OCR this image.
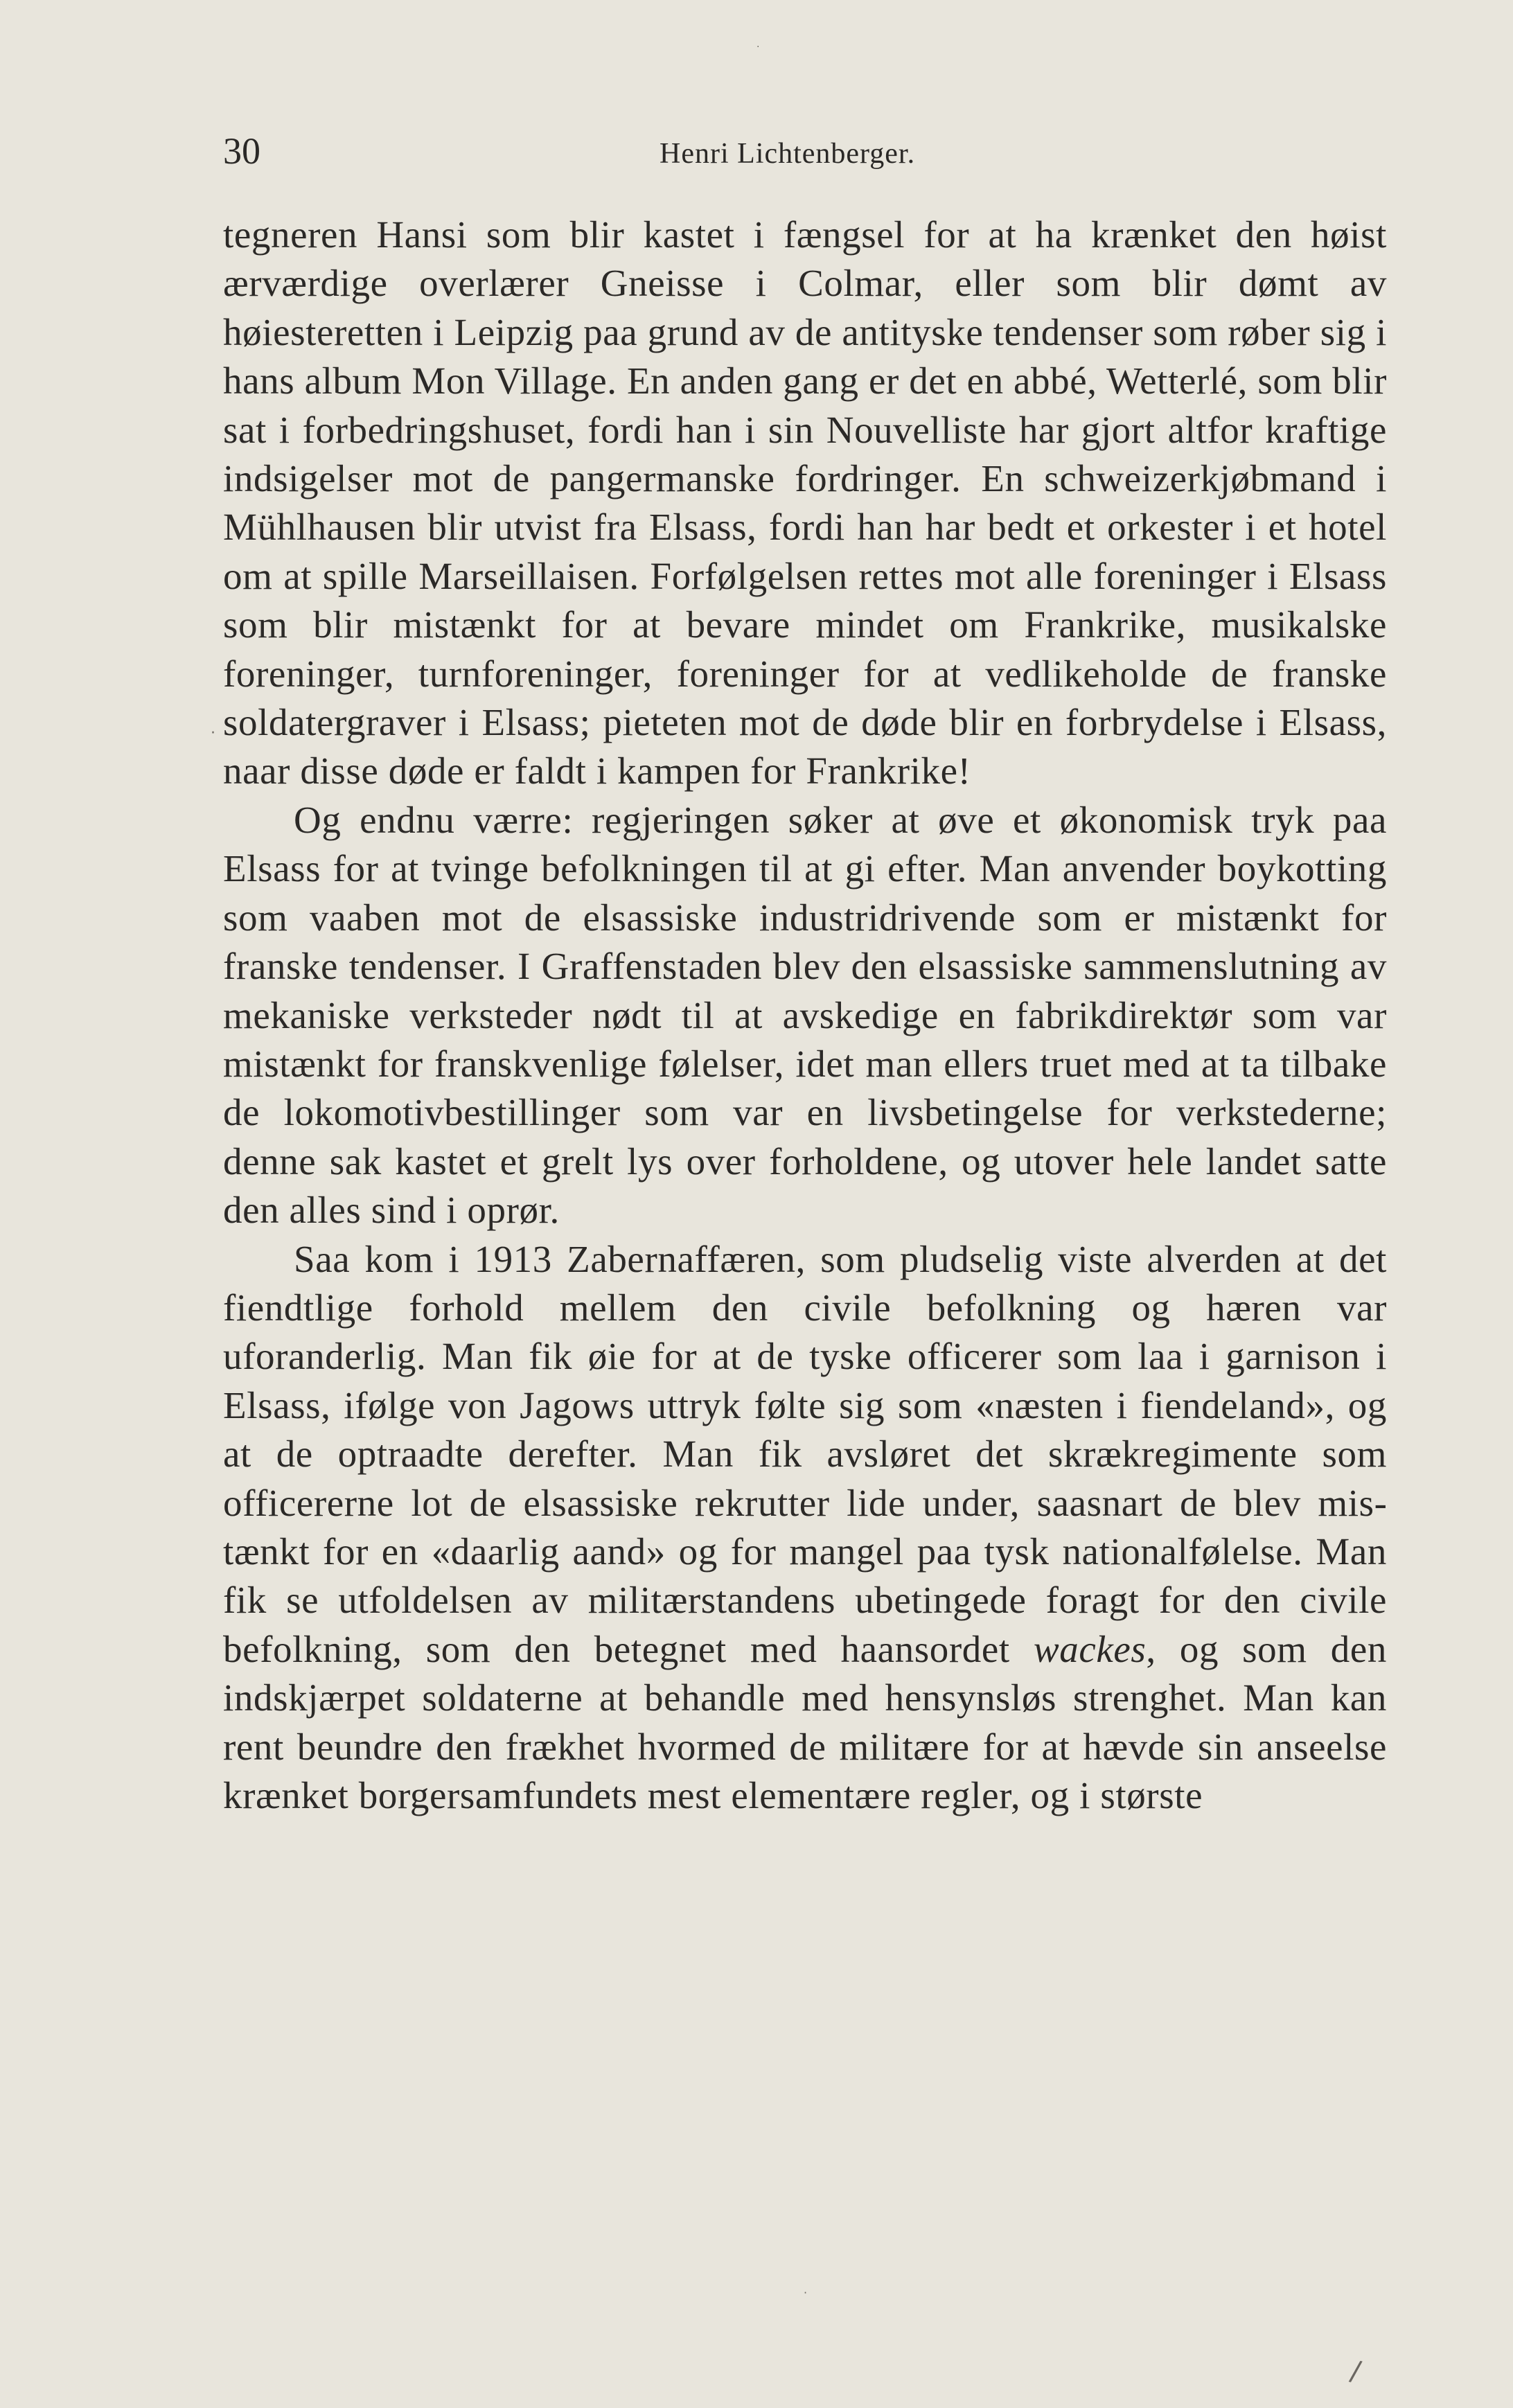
30	Henri Lichtenberger.

tegneren Hansi som blir kastet i fængsel for at ha krænket den høist ærværdige overlærer Gneisse i Colmar, eller som blir dømt av høiesteretten i Leipzig paa grund av de antityske tendenser som røber sig i hans album Mon Village. En anden gang er det en abbé, Wetterlé, som blir sat i forbedringshuset, fordi han i sin Nouvelliste har gjort altfor kraftige indsigelser mot de pangermanske fordringer. En schweizerkjøbmand i Mühlhausen blir utvist fra Elsass, fordi han har bedt et orkester i et hotel om at spille Marseillaisen. Forfølgelsen rettes mot alle foreninger i Elsass som blir mistænkt for at bevare mindet om Frankrike, musikalske foreninger, turnforeninger, foreninger for at vedlikeholde de franske soldatergraver i Elsass; pieteten mot de døde blir en forbrydelse i Elsass, naar disse døde er faldt i kampen for Frankrike!

Og endnu værre: regjeringen søker at øve et økonomisk tryk paa Elsass for at tvinge befolkningen til at gi efter. Man anvender boykotting som vaaben mot de elsassiske industridrivende som er mistænkt for franske tendenser. I Graffenstaden blev den elsassiske sammenslutning av mekaniske verksteder nødt til at avskedige en fabrikdirektør som var mistænkt for franskvenlige følelser, idet man ellers truet med at ta tilbake de lokomotivbestillinger som var en livsbetingelse for verkstederne; denne sak kastet et grelt lys over forholdene, og utover hele landet satte den alles sind i oprør.

Saa kom i 1913 Zabernaffæren, som pludselig viste alverden at det fiendtlige forhold mellem den civile befolkning og hæren var uforanderlig. Man fik øie for at de tyske officerer som laa i garnison i Elsass, ifølge von Jagows uttryk følte sig som «næsten i fiendeland», og at de optraadte derefter. Man fik avsløret det skrækregimente som officererne lot de elsassiske rekrutter lide under, saasnart de blev mistænkt for en «daarlig aand» og for mangel paa tysk nationalfølelse. Man fik se utfoldelsen av militærstandens ubetingede foragt for den civile befolkning, som den betegnet med haansordet wackes, og som den indskjærpet soldaterne at behandle med hensynsløs strenghet. Man kan rent beundre den frækhet hvormed de militære for at hævde sin anseelse krænket borgersamfundets mest elementære regler, og i største

·
·
·
/
